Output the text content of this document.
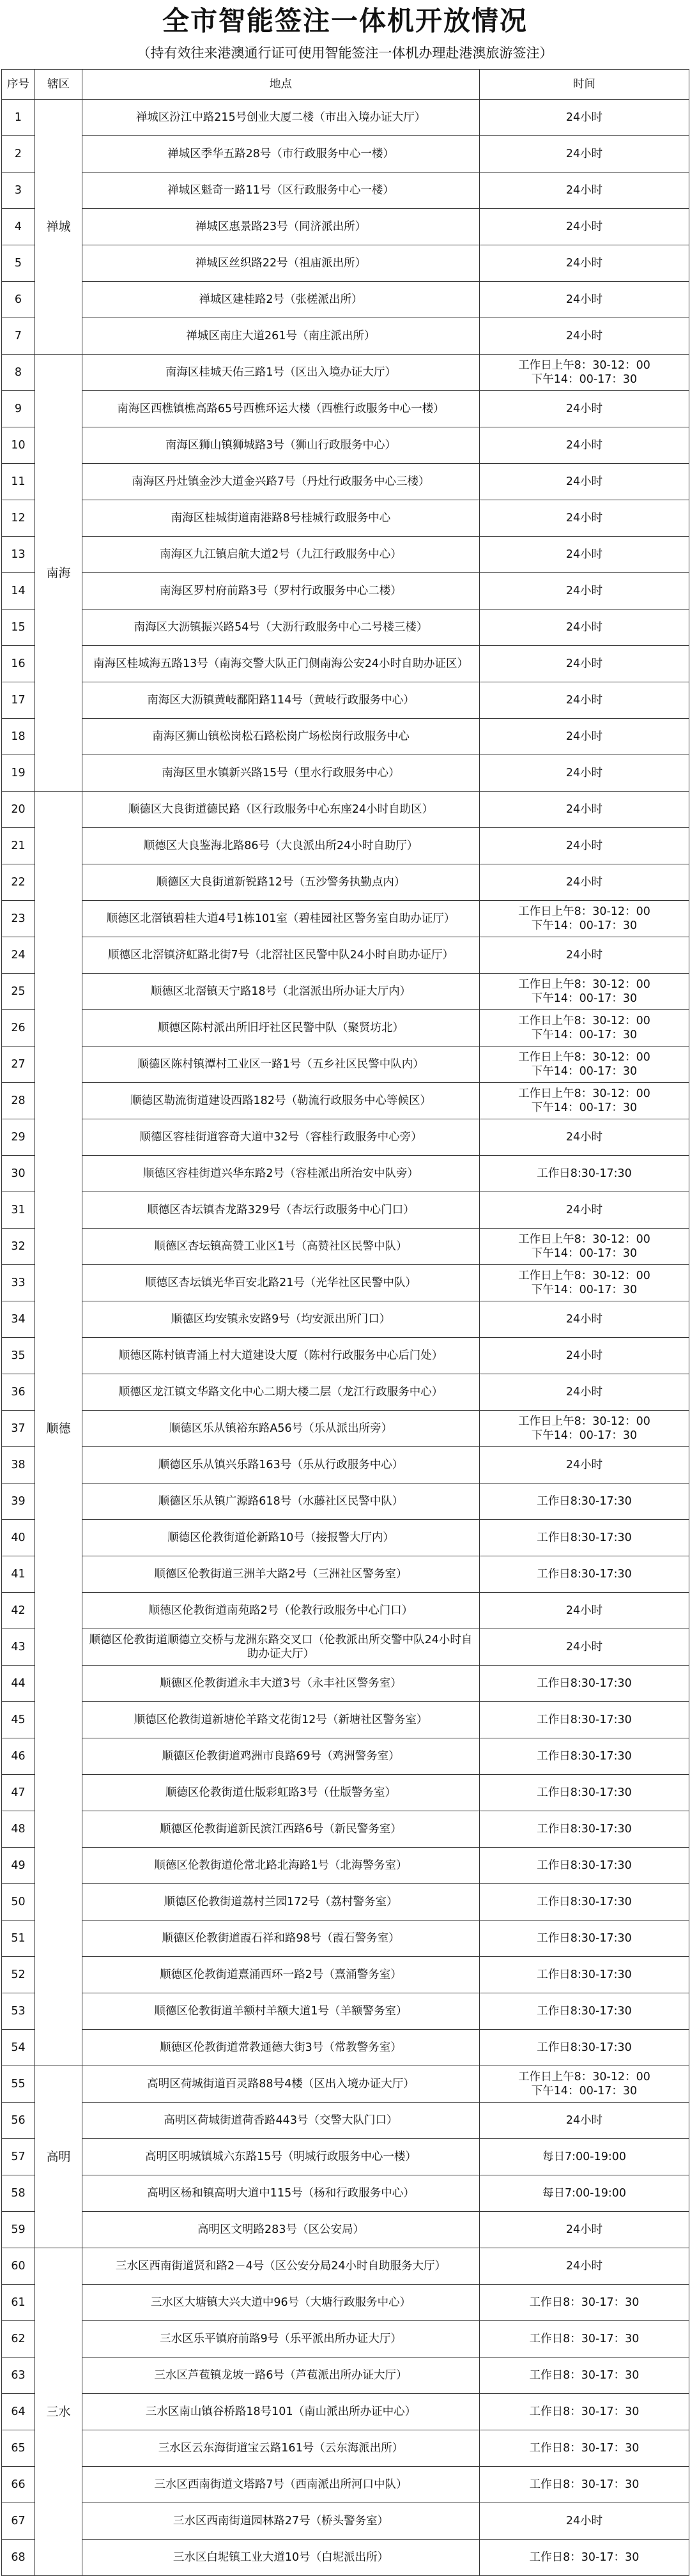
全市智能签注一体机开放情况
（持有效往来港澳通行证可使用智能签注一体机办理赴港澳旅游签注）
序号	辖区	地点	时间
1	禅城	禅城区汾江中路215号创业大厦二楼（市出入境办证大厅）	24小时
2		禅城区季华五路28号（市行政服务中心一楼）	24小时
3		禅城区魁奇一路11号（区行政服务中心一楼）	24小时
4		禅城区惠景路23号（同济派出所）	24小时
5		禅城区丝织路22号（祖庙派出所）	24小时
6		禅城区建桂路2号（张槎派出所）	24小时
7		禅城区南庄大道261号（南庄派出所）	24小时
8	南海	南海区桂城天佑三路1号（区出入境办证大厅）	工作日上午8：30-12：00
下午14：00-17：30
9		南海区西樵镇樵高路65号西樵环运大楼（西樵行政服务中心一楼）	24小时
10		南海区狮山镇狮城路3号（狮山行政服务中心）	24小时
11		南海区丹灶镇金沙大道金兴路7号（丹灶行政服务中心三楼）	24小时
12		南海区桂城街道南港路8号桂城行政服务中心	24小时
13		南海区九江镇启航大道2号（九江行政服务中心）	24小时
14		南海区罗村府前路3号（罗村行政服务中心二楼）	24小时
15		南海区大沥镇振兴路54号（大沥行政服务中心二号楼三楼）	24小时
16		南海区桂城海五路13号（南海交警大队正门侧南海公安24小时自助办证区）	24小时
17		南海区大沥镇黄岐鄱阳路114号（黄岐行政服务中心）	24小时
18		南海区狮山镇松岗松石路松岗广场松岗行政服务中心	24小时
19		南海区里水镇新兴路15号（里水行政服务中心）	24小时
20	顺德	顺德区大良街道德民路（区行政服务中心东座24小时自助区）	24小时
21		顺德区大良鉴海北路86号（大良派出所24小时自助厅）	24小时
22		顺德区大良街道新锐路12号（五沙警务执勤点内）	24小时
23		顺德区北滘镇碧桂大道4号1栋101室（碧桂园社区警务室自助办证厅）	工作日上午8：30-12：00
下午14：00-17：30
24		顺德区北滘镇济虹路北街7号（北滘社区民警中队24小时自助办证厅）	24小时
25		顺德区北滘镇天宁路18号（北滘派出所办证大厅内）	工作日上午8：30-12：00
下午14：00-17：30
26		顺德区陈村派出所旧圩社区民警中队（聚贤坊北）	工作日上午8：30-12：00
下午14：00-17：30
27		顺德区陈村镇潭村工业区一路1号（五乡社区民警中队内）	工作日上午8：30-12：00
下午14：00-17：30
28		顺德区勒流街道建设西路182号（勒流行政服务中心等候区）	工作日上午8：30-12：00
下午14：00-17：30
29		顺德区容桂街道容奇大道中32号（容桂行政服务中心旁）	24小时
30		顺德区容桂街道兴华东路2号（容桂派出所治安中队旁）	工作日8:30-17:30
31		顺德区杏坛镇杏龙路329号（杏坛行政服务中心门口）	24小时
32		顺德区杏坛镇高赞工业区1号（高赞社区民警中队）	工作日上午8：30-12：00
下午14：00-17：30
33		顺德区杏坛镇光华百安北路21号（光华社区民警中队）	工作日上午8：30-12：00
下午14：00-17：30
34		顺德区均安镇永安路9号（均安派出所门口）	24小时
35		顺德区陈村镇青涌上村大道建设大厦（陈村行政服务中心后门处）	24小时
36		顺德区龙江镇文华路文化中心二期大楼二层（龙江行政服务中心）	24小时
37		顺德区乐从镇裕东路A56号（乐从派出所旁）	工作日上午8：30-12：00
下午14：00-17：30
38		顺德区乐从镇兴乐路163号（乐从行政服务中心）	24小时
39		顺德区乐从镇广源路618号（水藤社区民警中队）	工作日8:30-17:30
40		顺德区伦教街道伦新路10号（接报警大厅内）	工作日8:30-17:30
41		顺德区伦教街道三洲羊大路2号（三洲社区警务室）	工作日8:30-17:30
42		顺德区伦教街道南苑路2号（伦教行政服务中心门口）	24小时
43		顺德区伦教街道顺德立交桥与龙洲东路交叉口（伦教派出所交警中队24小时自助办证大厅）	24小时
44		顺德区伦教街道永丰大道3号（永丰社区警务室）	工作日8:30-17:30
45		顺德区伦教街道新塘伦羊路文花街12号（新塘社区警务室）	工作日8:30-17:30
46		顺德区伦教街道鸡洲市良路69号（鸡洲警务室）	工作日8:30-17:30
47		顺德区伦教街道仕版彩虹路3号（仕版警务室）	工作日8:30-17:30
48		顺德区伦教街道新民滨江西路6号（新民警务室）	工作日8:30-17:30
49		顺德区伦教街道伦常北路北海路1号（北海警务室）	工作日8:30-17:30
50		顺德区伦教街道荔村兰园172号（荔村警务室）	工作日8:30-17:30
51		顺德区伦教街道霞石祥和路98号（霞石警务室）	工作日8:30-17:30
52		顺德区伦教街道熹涌西环一路2号（熹涌警务室）	工作日8:30-17:30
53		顺德区伦教街道羊额村羊额大道1号（羊额警务室）	工作日8:30-17:30
54		顺德区伦教街道常教通德大街3号（常教警务室）	工作日8:30-17:30
55	高明	高明区荷城街道百灵路88号4楼（区出入境办证大厅）	工作日上午8：30-12：00
下午14：00-17：30
56		高明区荷城街道荷香路443号（交警大队门口）	24小时
57		高明区明城镇城六东路15号（明城行政服务中心一楼）	每日7:00-19:00
58		高明区杨和镇高明大道中115号（杨和行政服务中心）	每日7:00-19:00
59		高明区文明路283号（区公安局）	24小时
60	三水	三水区西南街道贤和路2－4号（区公安分局24小时自助服务大厅）	24小时
61		三水区大塘镇大兴大道中96号（大塘行政服务中心）	工作日8：30-17：30
62		三水区乐平镇府前路9号（乐平派出所办证大厅）	工作日8：30-17：30
63		三水区芦苞镇龙坡一路6号（芦苞派出所办证大厅）	工作日8：30-17：30
64		三水区南山镇谷桥路18号101（南山派出所办证中心）	工作日8：30-17：30
65		三水区云东海街道宝云路161号（云东海派出所）	工作日8：30-17：30
66		三水区西南街道文塔路7号（西南派出所河口中队）	工作日8：30-17：30
67		三水区西南街道园林路27号（桥头警务室）	24小时
68		三水区白坭镇工业大道10号（白坭派出所）	工作日8：30-17：30
